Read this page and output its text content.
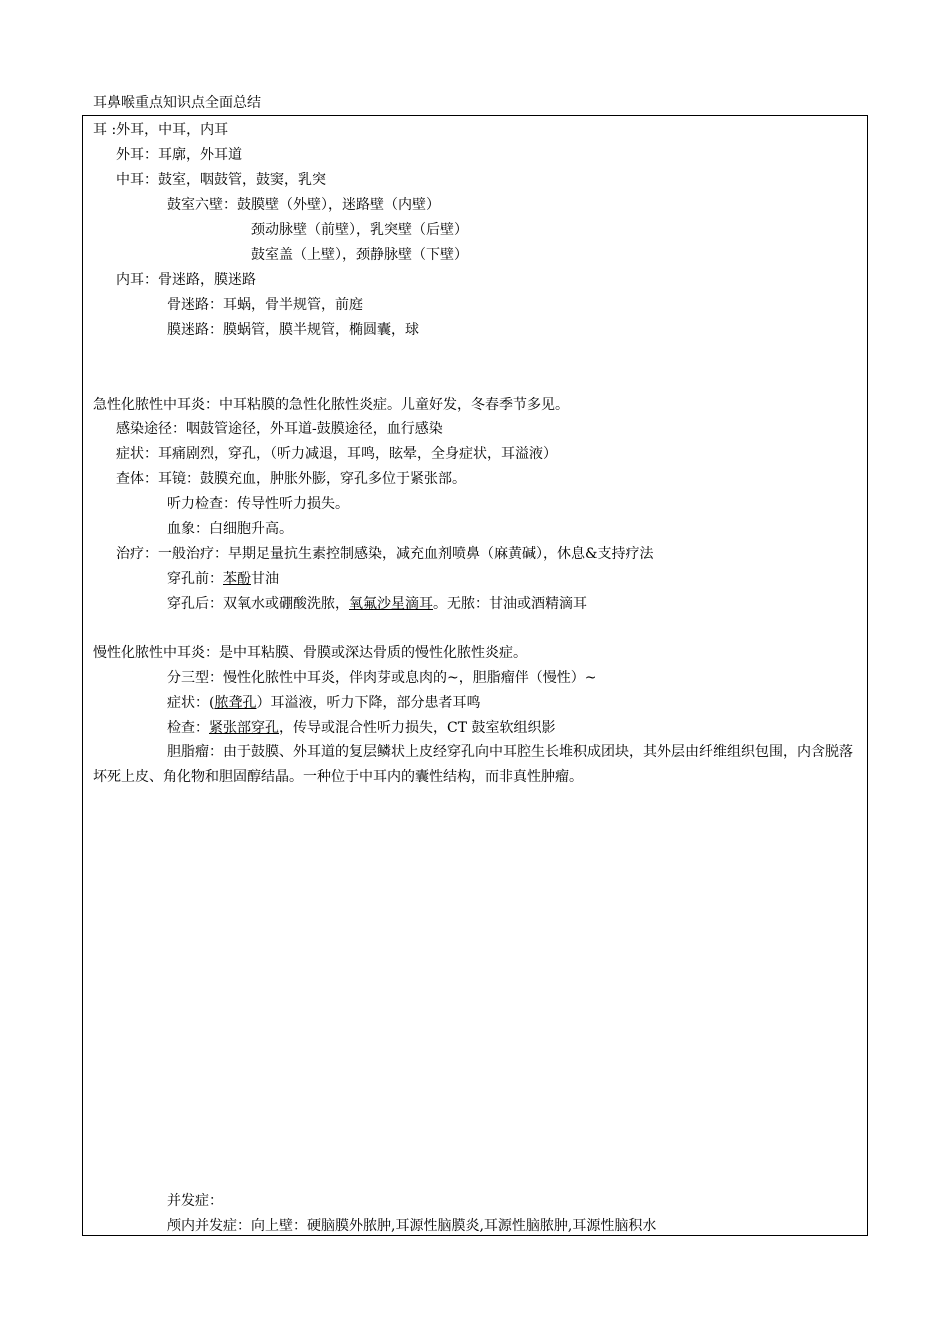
耳鼻喉重点知识点全面总结
耳 :外耳，中耳，内耳
外耳：耳廓，外耳道
中耳：鼓室，咽鼓管，鼓窦，乳突
鼓室六壁：鼓膜壁（外壁），迷路壁（内壁）
颈动脉壁（前壁），乳突壁（后壁）
鼓室盖（上壁），颈静脉壁（下壁）
内耳：骨迷路，膜迷路
骨迷路：耳蜗，骨半规管，前庭
膜迷路：膜蜗管，膜半规管，椭圆囊，球
急性化脓性中耳炎：中耳粘膜的急性化脓性炎症。儿童好发，冬春季节多见。
感染途径：咽鼓管途径，外耳道-鼓膜途径，血行感染
症状：耳痛剧烈，穿孔，（听力减退，耳鸣，眩晕，全身症状，耳溢液）
查体：耳镜：鼓膜充血，肿胀外膨，穿孔多位于紧张部。
听力检查：传导性听力损失。
血象：白细胞升高。
治疗：一般治疗：早期足量抗生素控制感染，减充血剂喷鼻（麻黄碱），休息&支持疗法
穿孔前：苯酚甘油
穿孔后：双氧水或硼酸洗脓，氧氟沙星滴耳。无脓：甘油或酒精滴耳
慢性化脓性中耳炎：是中耳粘膜、骨膜或深达骨质的慢性化脓性炎症。
分三型：慢性化脓性中耳炎，伴肉芽或息肉的~，胆脂瘤伴（慢性）~
症状：(脓聋孔）耳溢液，听力下降，部分患者耳鸣
检查：紧张部穿孔，传导或混合性听力损失，CT 鼓室软组织影
胆脂瘤：由于鼓膜、外耳道的复层鳞状上皮经穿孔向中耳腔生长堆积成团块，其外层由纤维组织包围，内含脱落坏死上皮、角化物和胆固醇结晶。一种位于中耳内的囊性结构，而非真性肿瘤。
并发症：
颅内并发症：向上壁：硬脑膜外脓肿,耳源性脑膜炎,耳源性脑脓肿,耳源性脑积水
